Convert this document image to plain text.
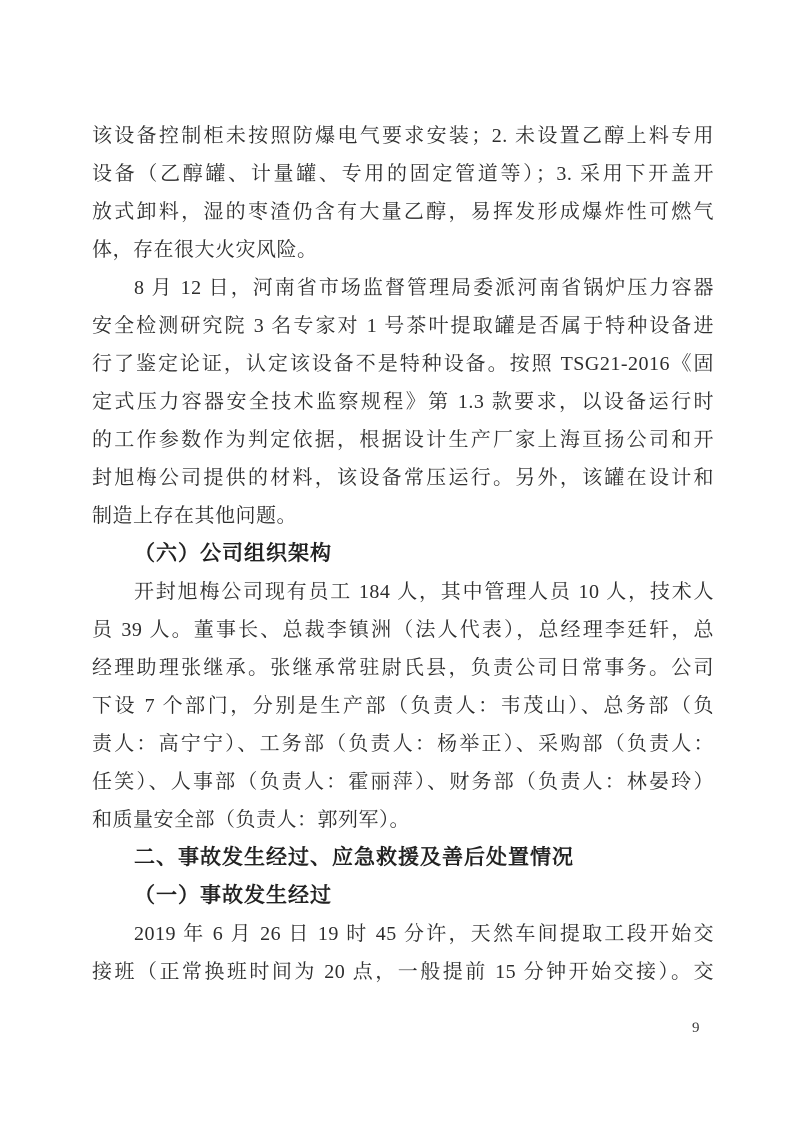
该设备控制柜未按照防爆电气要求安装；2. 未设置乙醇上料专用
设备（乙醇罐、计量罐、专用的固定管道等）；3. 采用下开盖开
放式卸料，湿的枣渣仍含有大量乙醇，易挥发形成爆炸性可燃气
体，存在很大火灾风险。
8 月 12 日，河南省市场监督管理局委派河南省锅炉压力容器
安全检测研究院 3 名专家对 1 号茶叶提取罐是否属于特种设备进
行了鉴定论证，认定该设备不是特种设备。按照 TSG21-2016《固
定式压力容器安全技术监察规程》第 1.3 款要求，以设备运行时
的工作参数作为判定依据，根据设计生产厂家上海亘扬公司和开
封旭梅公司提供的材料，该设备常压运行。另外，该罐在设计和
制造上存在其他问题。
（六）公司组织架构
开封旭梅公司现有员工 184 人，其中管理人员 10 人，技术人
员 39 人。董事长、总裁李镇洲（法人代表），总经理李廷轩，总
经理助理张继承。张继承常驻尉氏县，负责公司日常事务。公司
下设 7 个部门，分别是生产部（负责人：韦茂山）、总务部（负
责人：高宁宁）、工务部（负责人：杨举正）、采购部（负责人：
任笑）、人事部（负责人：霍丽萍）、财务部（负责人：林晏玲）
和质量安全部（负责人：郭列军）。
二、事故发生经过、应急救援及善后处置情况
（一）事故发生经过
2019 年 6 月 26 日 19 时 45 分许，天然车间提取工段开始交
接班（正常换班时间为 20 点，一般提前 15 分钟开始交接）。交
9
